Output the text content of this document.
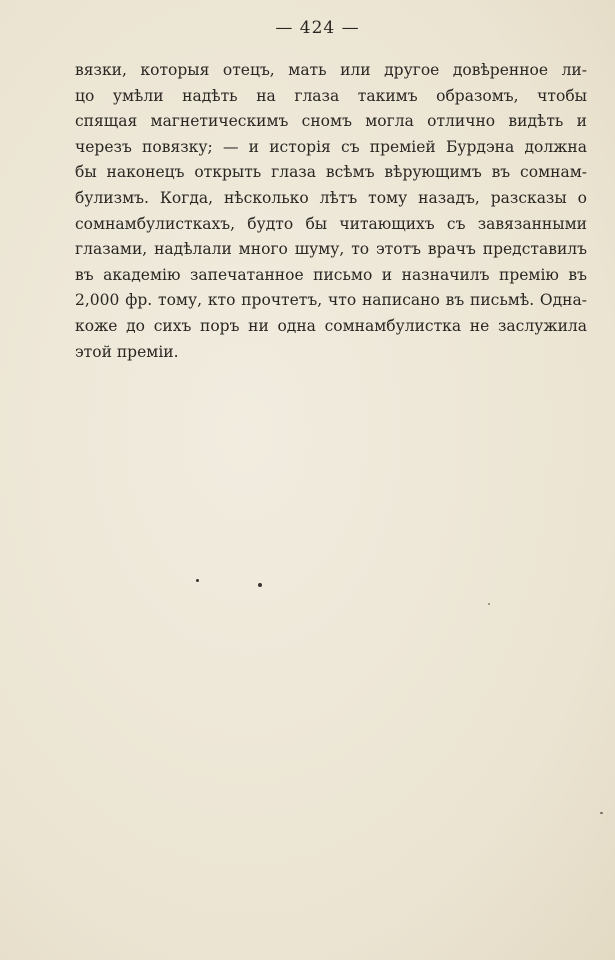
— 424 —
вязки, которыя отецъ, мать или другое довѣренное ли-
цо умѣли надѣть на глаза такимъ образомъ, чтобы
спящая магнетическимъ сномъ могла отлично видѣть и
черезъ повязку; — и исторія съ преміей Бурдэна должна
бы наконецъ открыть глаза всѣмъ вѣрующимъ въ сомнам-
булизмъ. Когда, нѣсколько лѣтъ тому назадъ, разсказы о
сомнамбулисткахъ, будто бы читающихъ съ завязанными
глазами, надѣлали много шуму, то этотъ врачъ представилъ
въ академію запечатанное письмо и назначилъ премію въ
2,000 фр. тому, кто прочтетъ, что написано въ письмѣ. Одна-
коже до сихъ поръ ни одна сомнамбулистка не заслужила
этой преміи.
